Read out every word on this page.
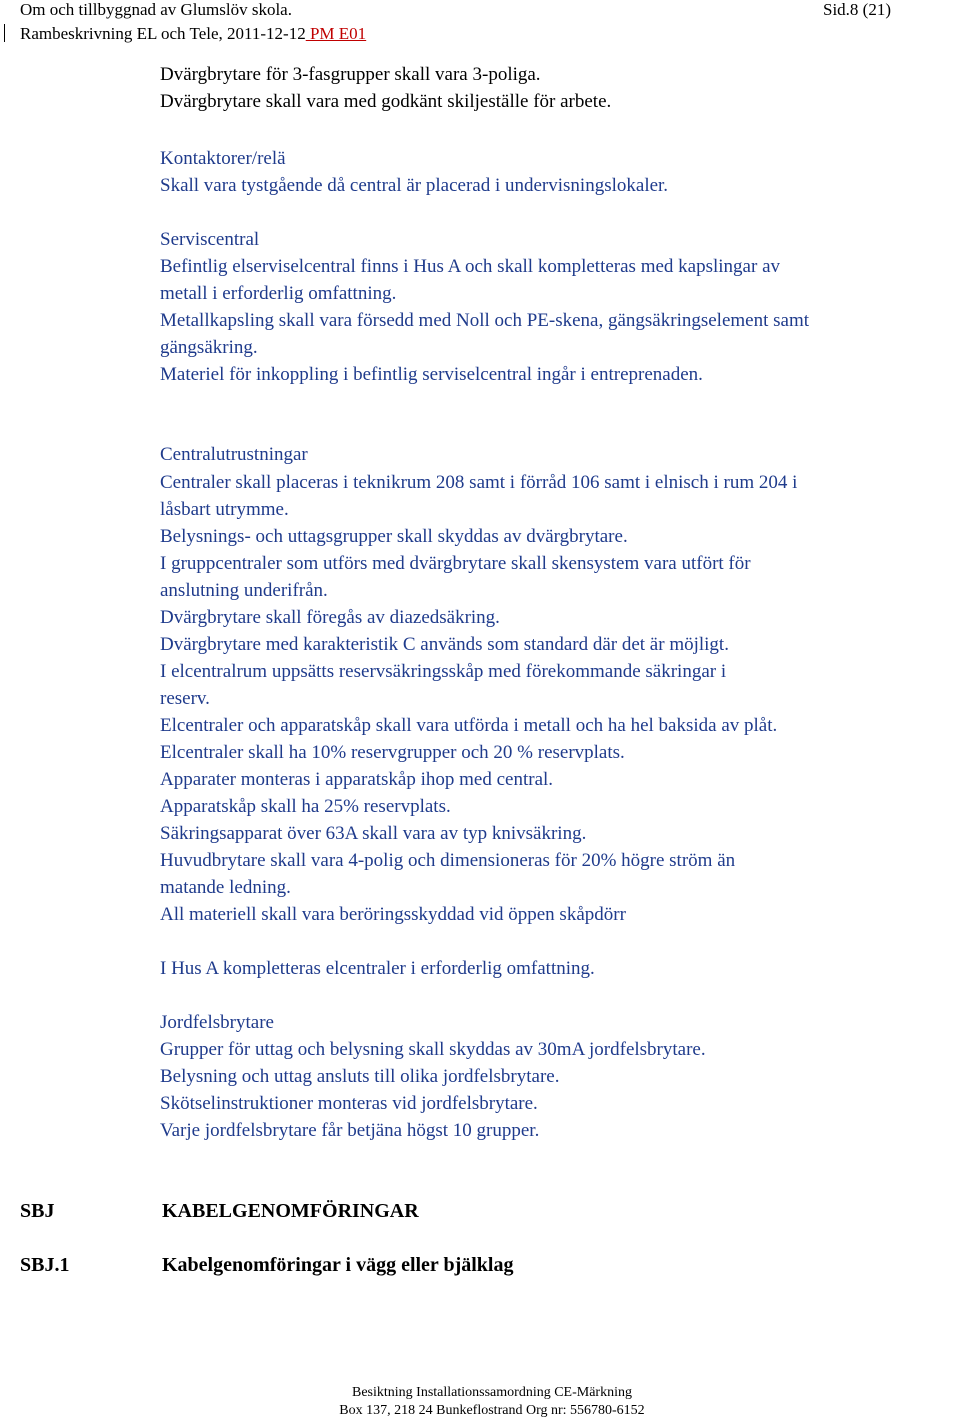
Om och tillbyggnad av Glumslöv skola.	Sid.8 (21)
Rambeskrivning EL och Tele, 2011-12-12 PM E01
Dvärgbrytare för 3-fasgrupper skall vara 3-poliga.
Dvärgbrytare skall vara med godkänt skiljeställe för arbete.
Kontaktorer/relä
Skall vara tystgående då central är placerad i undervisningslokaler.
Serviscentral
Befintlig elserviselcentral finns i Hus A och skall kompletteras med kapslingar av
metall i erforderlig omfattning.
Metallkapsling skall vara försedd med Noll och PE-skena, gängsäkringselement samt
gängsäkring.
Materiel för inkoppling i befintlig serviselcentral ingår i entreprenaden.
Centralutrustningar
Centraler skall placeras i teknikrum 208 samt i förråd 106 samt i elnisch i rum 204 i
låsbart utrymme.
Belysnings- och uttagsgrupper skall skyddas av dvärgbrytare.
I gruppcentraler som utförs med dvärgbrytare skall skensystem vara utfört för
anslutning underifrån.
Dvärgbrytare skall föregås av diazedsäkring.
Dvärgbrytare med karakteristik C används som standard där det är möjligt.
I elcentralrum uppsätts reservsäkringsskåp med förekommande säkringar i
reserv.
Elcentraler och apparatskåp skall vara utförda i metall och ha hel baksida av plåt.
Elcentraler skall ha 10% reservgrupper och 20 % reservplats.
Apparater monteras i apparatskåp ihop med central.
Apparatskåp skall ha 25% reservplats.
Säkringsapparat över 63A skall vara av typ knivsäkring.
Huvudbrytare skall vara 4-polig och dimensioneras för 20% högre ström än
matande ledning.
All materiell skall vara beröringsskyddad vid öppen skåpdörr
I Hus A kompletteras elcentraler i erforderlig omfattning.
Jordfelsbrytare
Grupper för uttag och belysning skall skyddas av 30mA jordfelsbrytare.
Belysning och uttag ansluts till olika jordfelsbrytare.
Skötselinstruktioner monteras vid jordfelsbrytare.
Varje jordfelsbrytare får betjäna högst 10 grupper.
SBJ	KABELGENOMFÖRINGAR
SBJ.1	Kabelgenomföringar i vägg eller bjälklag
Besiktning Installationssamordning CE-Märkning
Box 137, 218 24 Bunkeflostrand Org nr: 556780-6152
